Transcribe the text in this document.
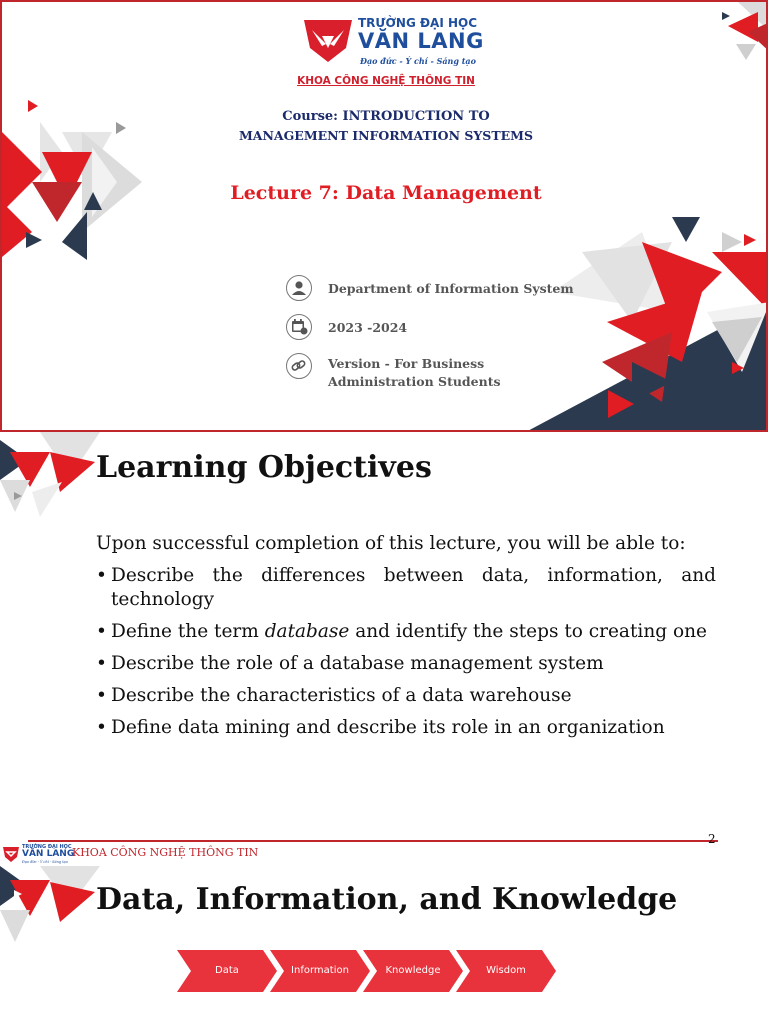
TRƯỜNG ĐẠI HỌC
VĂN LANG
Đạo đức - Ý chí - Sáng tạo
KHOA CÔNG NGHỆ THÔNG TIN
Course: INTRODUCTION TO
MANAGEMENT INFORMATION SYSTEMS
Lecture 7: Data Management
Department of Information System
2023 -2024
Version - For Business
Administration Students
Learning Objectives
Upon successful completion of this lecture, you will be able to:
• Describe the differences between data, information, and technology
• Define the term database and identify the steps to creating one
• Describe the role of a database management system
• Describe the characteristics of a data warehouse
• Define data mining and describe its role in an organization
2
TRƯỜNG ĐẠI HỌC
VĂN LANG
Đạo đức - Ý chí - Sáng tạo
KHOA CÔNG NGHỆ THÔNG TIN
Data, Information, and Knowledge
Data	Information	Knowledge	Wisdom
